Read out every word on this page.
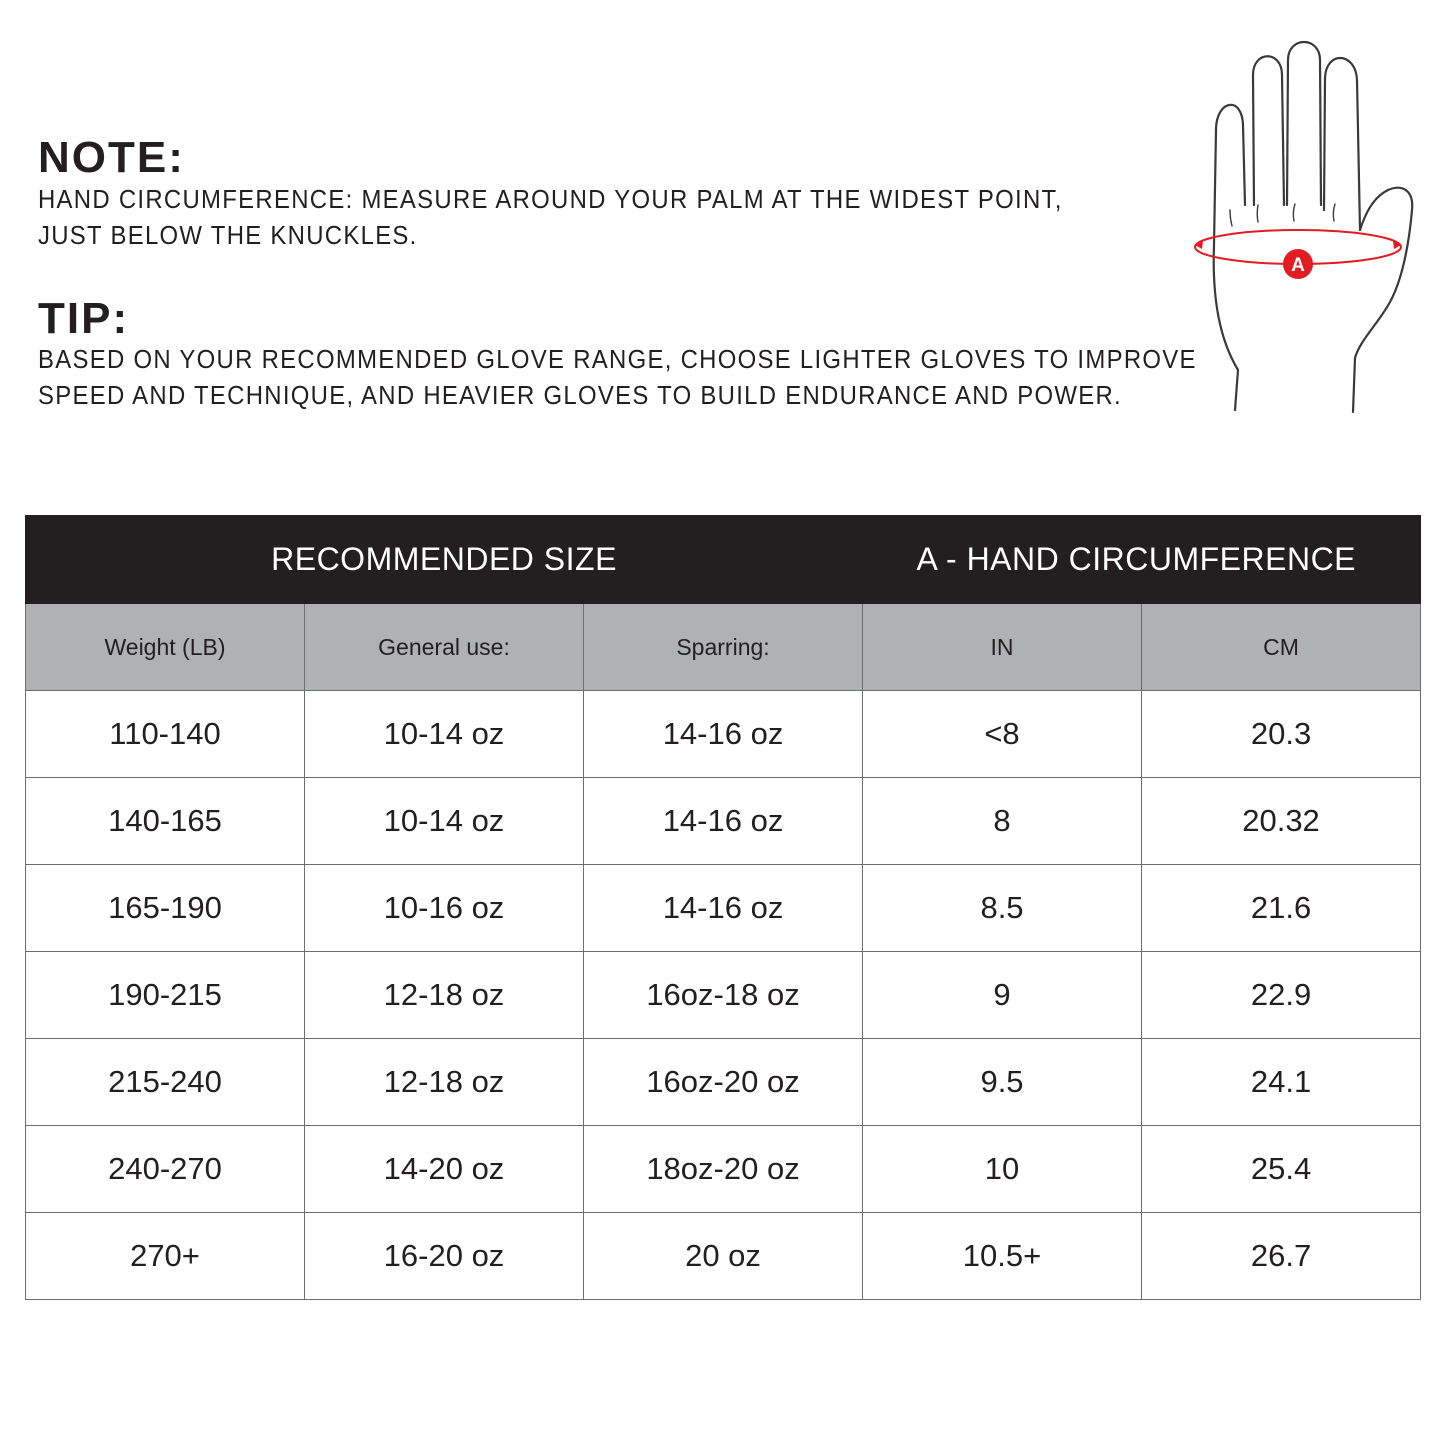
NOTE:

HAND CIRCUMFERENCE: MEASURE AROUND YOUR PALM AT THE WIDEST POINT,

JUST BELOW THE KNUCKLES.

TIP:

BASED ON YOUR RECOMMENDED GLOVE RANGE, CHOOSE LIGHTER GLOVES TO IMPROVE

SPEED AND TECHNIQUE, AND HEAVIER GLOVES TO BUILD ENDURANCE AND POWER.

A
RECOMMENDED SIZE			A - HAND CIRCUMFERENCE	
Weight (LB)	General use:	Sparring:	IN	CM
110-140	10-14 oz	14-16 oz	<8	20.3
140-165	10-14 oz	14-16 oz	8	20.32
165-190	10-16 oz	14-16 oz	8.5	21.6
190-215	12-18 oz	16oz-18 oz	9	22.9
215-240	12-18 oz	16oz-20 oz	9.5	24.1
240-270	14-20 oz	18oz-20 oz	10	25.4
270+	16-20 oz	20 oz	10.5+	26.7
